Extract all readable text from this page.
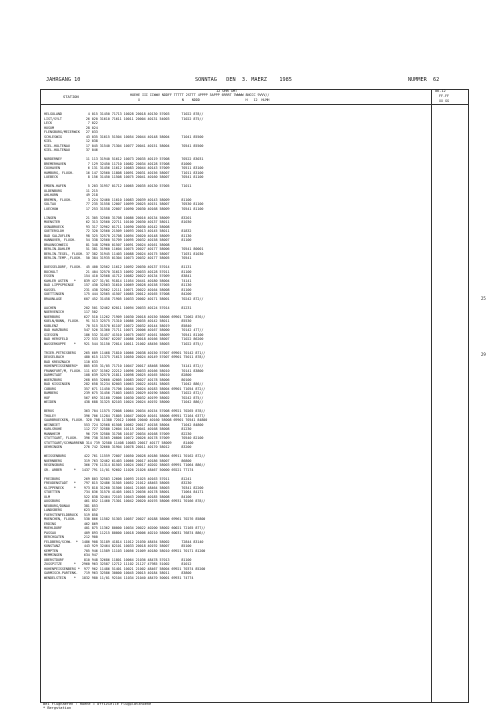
JAHRGANG 10	SONNTAG   DEN  3. MAERZ    1985	NUMMER  62
STATION
12 UHR GMT
HOEHE III IIWWV NDDFF TTTTT 2STTT 4PPPP 5APPP 6RRRT 7WWWW 8NCCC 9VVV//
X                     N    NDDD                       H   12  HLMH
06-12
FF-FF
XX GG
HELGOLAND             4 015 31450 71713 10028 20018 40130 57003      71022 878//
LIST/SYLT            26 020 31610 71611 10011 20004 40131 54003      71022 875//
LECK                  7 022
HUSUM                28 024
FLENSBURG/MEIERWIK   27 033
SCHLESWIG            43 035 31615 51504 10054 20044 40148 58004      71041 85500
KIEL                 12 038
KIEL-HOLTENAU        17 045 31540 71304 10077 20041 40151 58004      70541 85500
KIEL-HOLTENAU        37 046
NORDERNEY            11 113 31940 51612 10073 20035 40119 57008      70522 83031
BREMERHAVEN           7 129 32450 11710 10082 20034 40128 57008      81000
CUXHAVEN              6 131 31456 11612 10083 20044 40143 57009      70511 83100
HAMBURG, FLUGH.      16 147 32560 11808 10091 20031 40156 58007      71011 83100
LUEBECK               8 156 31450 11508 10075 20041 40160 58007      70541 81100
EMDEN-HAFEN           5 203 31957 01712 10065 20035 40130 57005      71011
OLDENBURG            11 215
AHLHORN              49 218
BREMEN, FLUGH.        3 224 32460 11610 10083 20039 40143 58009      81100
SOLTAU               77 235 31558 12007 10099 20025 40151 58007      70530 81100
LUECHOW              17 253 31558 22007 10090 20030 40168 58009      70541 81100
LINGEN               21 305 32560 31708 10086 20016 40134 58009      83201
MUENSTER             62 313 32560 22711 10100 20030 40137 58011      81030
OSNABRUECK           93 317 32962 01711 10090 20030 40142 58008
GUETERSLOH           72 320 32560 21509 10093 20013 40145 58011      81832
BAD SALZUFLEN        98 325 32570 21708 10094 20020 40148 58009      81130
HANNOVER, FLUGH.     54 338 32560 51709 10095 20032 40158 58007      81100
BRAUNSCHWEIG         81 348 32960 01507 10091 20024 40161 58008
BERLIN-DAHLEM        51 381 31960 11604 10075 20027 40177 58006      70541 80001
BERLIN-TEGEL, FLUGH. 37 382 31945 11403 10088 20024 40175 58007      71031 81030
BERLIN-TEMP.,FLUGH.  50 384 31935 01304 10073 20032 40177 58005      70541
DUESSELDORF, FLUGH.  45 400 32562 11612 10092 20030 40137 57014      81131
BOCHOLT              21 404 32570 31613 10092 20033 40128 57011      81100
ESSEN               154 410 32568 41712 10082 20022 40134 57009      83841
KAHLER ASTEN   *    839 427 31/01 91814 11054 20441 40180 58004      74141
BAD LIPPSPRINGE     157 430 32563 31610 10069 20028 40158 57005      81130
KASSEL              231 438 32562 12111 10071 20022 40164 58008      81100
GOETTINGEN          175 444 32565 41507 10085 20012 40165 57008      84200
BRAUNLAGE           607 452 31458 71905 10033 20002 40171 58001      70242 872//
AACHEN              202 501 32462 62011 10094 20033 40124 57014      81231
NOERVENICH          117 502
NUERBURG            627 510 11262 71909 10030 20018 40150 58006 69901 72062 876//
KOELN/BONN, FLUGH.   91 513 32575 71310 10086 20035 40142 58011      85530
KOBLENZ              70 515 31570 61107 10072 20032 40144 58019      85840
BAD HARZBURG        547 526 31360 71711 10071 20006 40167 58000      70142 477//
GIESSEN             186 532 31457 41510 10075 20037 40161 58009      70541 81100
BAD HERSFELD        272 533 32567 62207 10086 20018 40166 58007      71022 86200
WASSERKUPPE    *    921 544 31150 72014 10011 21002 48456 58003      71022 875//
TRIER-PETRISBERG    265 609 11468 71810 10066 20038 40150 57007 69901 70142 871//
DEUSELBACH          480 615 11375 71613 10050 20024 40149 57007 69901 75011 878//
BAD KREUZNACH       110 633
HOHENPEISSENBERG*   805 635 31/05 71710 10047 20017 48468 58006      74141 872//
FRANKFURT/M, FLUGH. 111 637 31562 22212 10096 20033 40166 58010      70141 83800
DARMSTADT           108 639 32570 21811 10098 20025 40165 58010      82800
WUERZBURG           268 655 32660 42005 10083 20027 40178 58006      80100
BAD KISSINGEN       282 658 31234 82003 10063 20022 40181 58003      71042 886//
COBURG              357 671 11450 71706 10044 20024 40183 58004 69901 71054 872//
BAMBERG             239 675 31456 71003 10053 20029 40190 58003      71022 872//
HOF                 567 692 31160 72006 10030 20032 40199 58002      70242 875//
WEIDEN              438 688 31325 82103 10024 20024 40192 58000      71042 886//
BERUS               363 704 11575 72008 10064 20034 40154 57008 69921 70265 878//
THOLEY              396 706 11284 71805 10047 20020 40161 58006 69951 72164 6377/
SAARBRUECKEN, FLUGH. 320 708 11380 72012 10066 20040 40160 58008 69901 70541 84800
WEINBIET            553 724 32568 61508 10062 20017 40158 58004      71042 84800
KARLSRUHE           112 727 32580 12604 10115 20041 40168 58008      81230
MANNHEIM             96 729 32580 31708 10107 20034 40168 57009      82230
STUTTGART, FLUGH.   396 738 31565 20806 10072 20026 40178 57009      70540 82100
STUTTGART/SCHNARRENB 314 739 32580 11408 10083 20017 40177 58009      81400
OEHRINGEN           276 742 32660 31904 10078 20011 40170 58012      83200
WEISSENBURG         422 761 11559 72007 10050 20028 40186 58004 69911 70162 872//
NUERNBERG           319 763 32462 61403 10066 20017 40186 58007      86800
REGENSBURG          366 776 11314 81503 10024 20017 40202 58003 69991 71064 886//
GR. ARBER      *   1437 791 11/01 92602 11026 21026 48467 50000 69221 77174
FREIBURG            269 803 32583 12606 10093 21025 40163 57011      81241
FREUDENSTADT   *    797 815 32486 31505 10052 21012 48463 58005      83230
KLIPPENECK     *    973 818 31260 31506 10041 21005 48464 58003      70341 82200
STOETTEN            734 836 31570 41405 10013 20036 40178 58001      71064 84171
ULM                 522 838 32464 72103 10043 20006 40185 58008      84100
AUGSBURG            461 852 11460 71301 10042 20020 40193 58006 69931 70166 878//
NEUBURG/DONAU       381 853
LANDSBERG           623 857
FUERSTENFELDBRUCK   519 858
MUENCHEN, FLUGH.    530 866 11582 51303 10057 20027 40188 58006 69961 70276 85800
ERDING              462 869
MUEHLDORF           401 875 11362 80000 10034 20022 40200 58002 60021 72165 877//
PASSAU              409 893 11215 80000 10018 20006 40210 58000 60031 76874 886//
BERCHGATEN          212 900
FELDBERG/SCHW.  *  1486 908 31189 41814 11012 21030 48454 58002      72844 83140
KONSTANZ            443 929 32464 82101 10033 20018 40192 58007      85100
KEMPTEN             705 946 11589 11103 10056 21009 40180 58010 69921 70171 81200
MEMMINGEN           634 947
OBERSTDORF          810 948 32686 11801 10064 21036 48478 57013      81100
ZUGSPITZE      *   2960 963 32587 12712 11102 21127 47985 51002      81012
HOHENPEISSENBERG *  977 962 11486 51401 10021 21002 48467 58004 69921 70374 85200
GARMISCH-PARTENK.   719 963 32586 30000 10045 20015 40184 58011      83800
WENDELSTEIN    *   1832 980 11/01 92104 11034 21040 48470 50001 69931 74774
25
29
Bei Flughaefen : Hoehe = offizielle Flugplatzhoehe
* Bergstation
